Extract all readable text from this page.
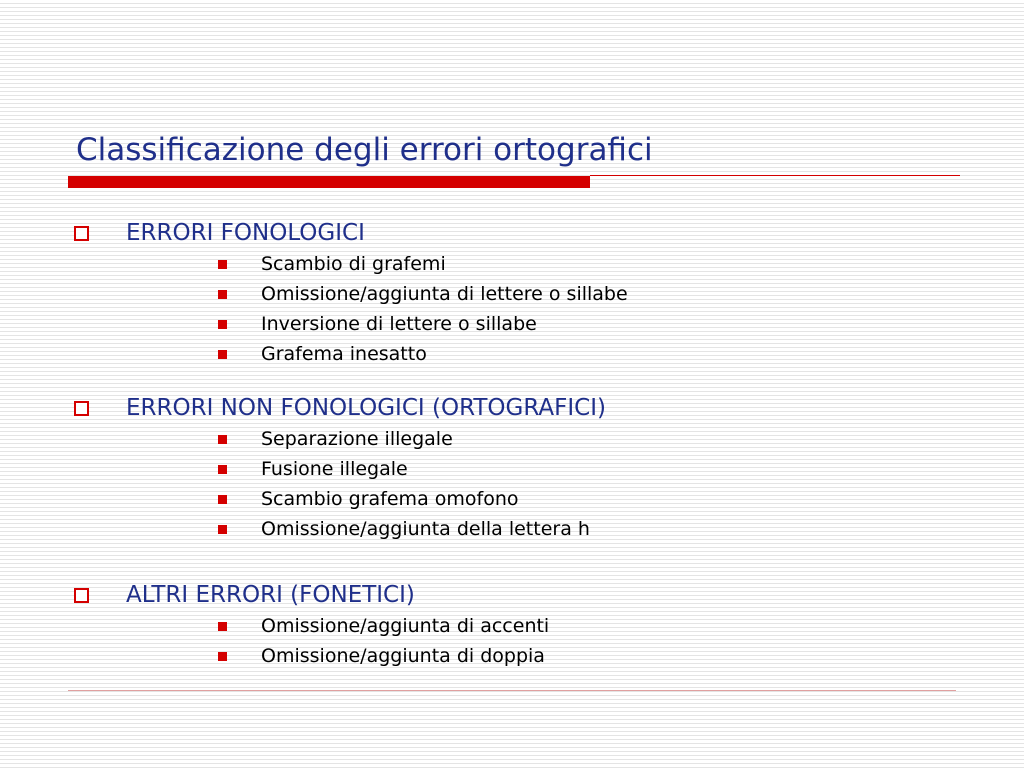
Classificazione degli errori ortografici
ERRORI FONOLOGICI
Scambio di grafemi
Omissione/aggiunta di lettere o sillabe
Inversione di lettere o sillabe
Grafema inesatto
ERRORI NON FONOLOGICI (ORTOGRAFICI)
Separazione illegale
Fusione illegale
Scambio grafema omofono
Omissione/aggiunta della lettera h
ALTRI ERRORI (FONETICI)
Omissione/aggiunta di accenti
Omissione/aggiunta di doppia
